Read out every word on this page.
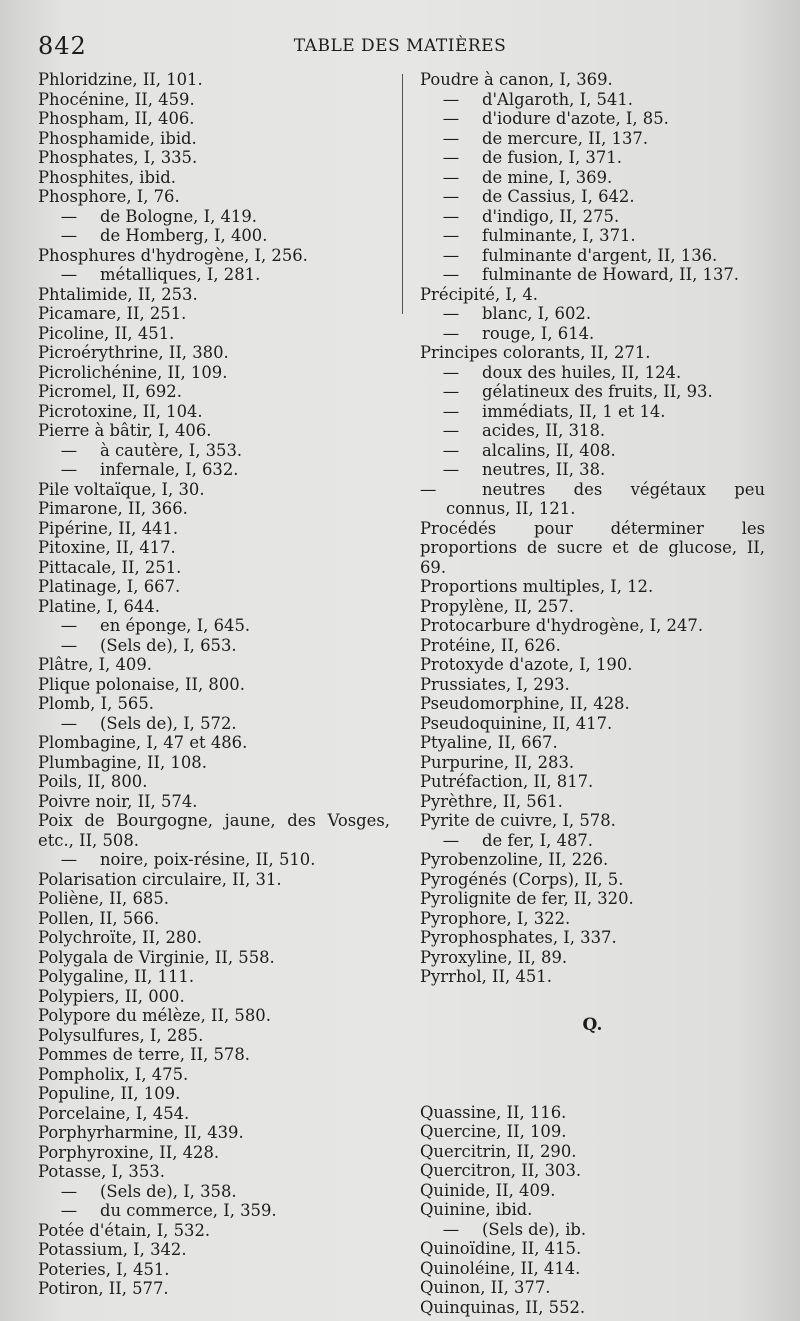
842	TABLE DES MATIÈRES
Phloridzine, II, 101.
Phocénine, II, 459.
Phospham, II, 406.
Phosphamide, ibid.
Phosphates, I, 335.
Phosphites, ibid.
Phosphore, I, 76.
— de Bologne, I, 419.
— de Homberg, I, 400.
Phosphures d'hydrogène, I, 256.
— métalliques, I, 281.
Phtalimide, II, 253.
Picamare, II, 251.
Picoline, II, 451.
Picroérythrine, II, 380.
Picrolichénine, II, 109.
Picromel, II, 692.
Picrotoxine, II, 104.
Pierre à bâtir, I, 406.
— à cautère, I, 353.
— infernale, I, 632.
Pile voltaïque, I, 30.
Pimarone, II, 366.
Pipérine, II, 441.
Pitoxine, II, 417.
Pittacale, II, 251.
Platinage, I, 667.
Platine, I, 644.
— en éponge, I, 645.
— (Sels de), I, 653.
Plâtre, I, 409.
Plique polonaise, II, 800.
Plomb, I, 565.
— (Sels de), I, 572.
Plombagine, I, 47 et 486.
Plumbagine, II, 108.
Poils, II, 800.
Poivre noir, II, 574.
Poix de Bourgogne, jaune, des Vosges, etc., II, 508.
— noire, poix-résine, II, 510.
Polarisation circulaire, II, 31.
Poliène, II, 685.
Pollen, II, 566.
Polychroïte, II, 280.
Polygala de Virginie, II, 558.
Polygaline, II, 111.
Polypiers, II, 000.
Polypore du mélèze, II, 580.
Polysulfures, I, 285.
Pommes de terre, II, 578.
Pompholix, I, 475.
Populine, II, 109.
Porcelaine, I, 454.
Porphyrharmine, II, 439.
Porphyroxine, II, 428.
Potasse, I, 353.
— (Sels de), I, 358.
— du commerce, I, 359.
Potée d'étain, I, 532.
Potassium, I, 342.
Poteries, I, 451.
Potiron, II, 577.
Poudre à canon, I, 369.
— d'Algaroth, I, 541.
— d'iodure d'azote, I, 85.
— de mercure, II, 137.
— de fusion, I, 371.
— de mine, I, 369.
— de Cassius, I, 642.
— d'indigo, II, 275.
— fulminante, I, 371.
— fulminante d'argent, II, 136.
— fulminante de Howard, II, 137.
Précipité, I, 4.
— blanc, I, 602.
— rouge, I, 614.
Principes colorants, II, 271.
— doux des huiles, II, 124.
— gélatineux des fruits, II, 93.
— immédiats, II, 1 et 14.
— acides, II, 318.
— alcalins, II, 408.
— neutres, II, 38.
— neutres des végétaux peu connus, II, 121.
Procédés pour déterminer les proportions de sucre et de glucose, II, 69.
Proportions multiples, I, 12.
Propylène, II, 257.
Protocarbure d'hydrogène, I, 247.
Protéine, II, 626.
Protoxyde d'azote, I, 190.
Prussiates, I, 293.
Pseudomorphine, II, 428.
Pseudoquinine, II, 417.
Ptyaline, II, 667.
Purpurine, II, 283.
Putréfaction, II, 817.
Pyrèthre, II, 561.
Pyrite de cuivre, I, 578.
— de fer, I, 487.
Pyrobenzoline, II, 226.
Pyrogénés (Corps), II, 5.
Pyrolignite de fer, II, 320.
Pyrophore, I, 322.
Pyrophosphates, I, 337.
Pyroxyline, II, 89.
Pyrrhol, II, 451.
Q.
Quassine, II, 116.
Quercine, II, 109.
Quercitrin, II, 290.
Quercitron, II, 303.
Quinide, II, 409.
Quinine, ibid.
— (Sels de), ib.
Quinoïdine, II, 415.
Quinoléine, II, 414.
Quinon, II, 377.
Quinquinas, II, 552.
